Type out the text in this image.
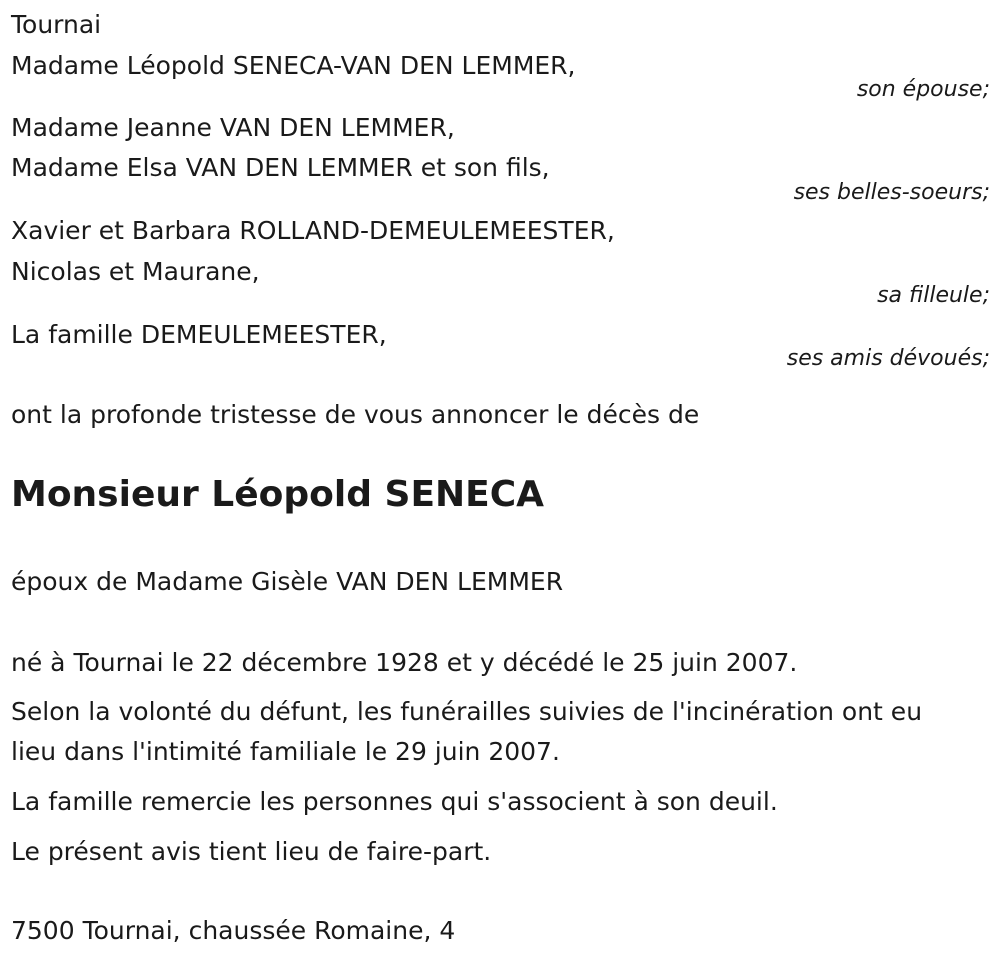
Tournai
Madame Léopold SENECA-VAN DEN LEMMER,
son épouse;
Madame Jeanne VAN DEN LEMMER,
Madame Elsa VAN DEN LEMMER et son fils,
ses belles-soeurs;
Xavier et Barbara ROLLAND-DEMEULEMEESTER,
Nicolas et Maurane,
sa filleule;
La famille DEMEULEMEESTER,
ses amis dévoués;
ont la profonde tristesse de vous annoncer le décès de
Monsieur Léopold SENECA
époux de Madame Gisèle VAN DEN LEMMER
né à Tournai le 22 décembre 1928 et y décédé le 25 juin 2007.
Selon la volonté du défunt, les funérailles suivies de l'incinération ont eu
lieu dans l'intimité familiale le 29 juin 2007.
La famille remercie les personnes qui s'associent à son deuil.
Le présent avis tient lieu de faire-part.
7500 Tournai, chaussée Romaine, 4
